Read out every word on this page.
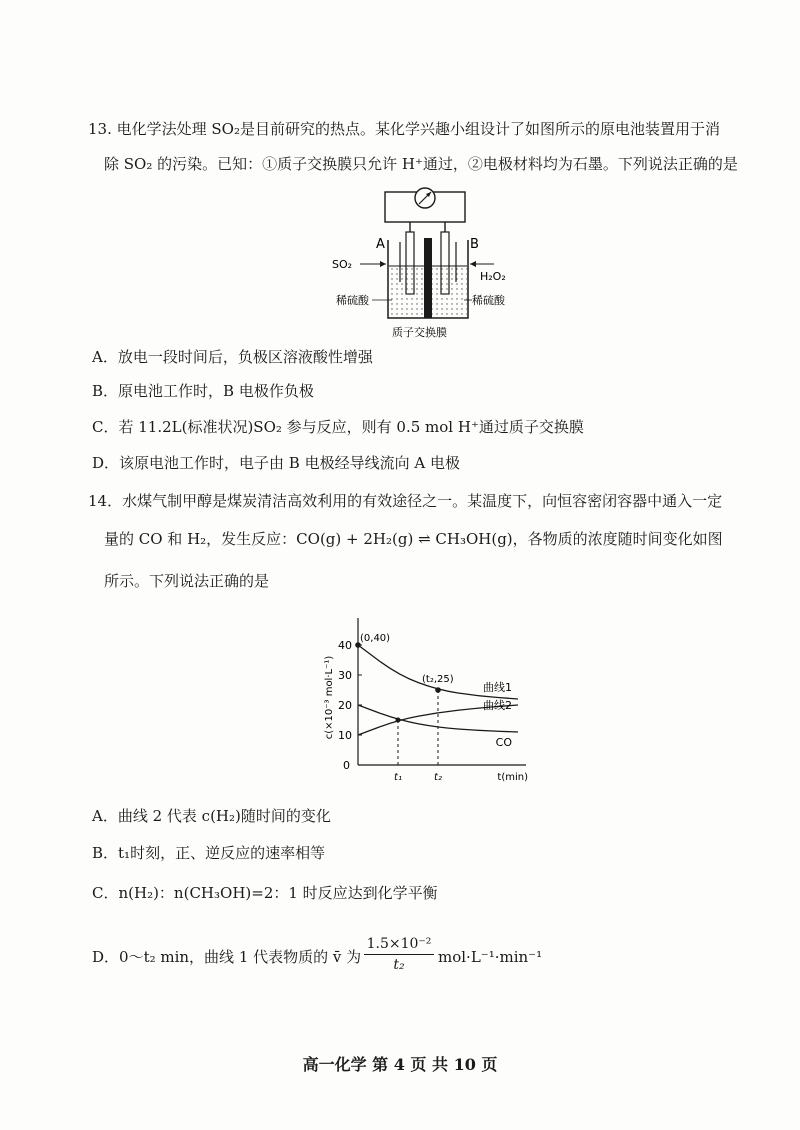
13. 电化学法处理 SO₂是目前研究的热点。某化学兴趣小组设计了如图所示的原电池装置用于消
除 SO₂ 的污染。已知：①质子交换膜只允许 H⁺通过，②电极材料均为石墨。下列说法正确的是
A	B
SO₂
H₂O₂
稀硫酸	稀硫酸
质子交换膜
A．放电一段时间后，负极区溶液酸性增强
B．原电池工作时，B 电极作负极
C．若 11.2L(标准状况)SO₂ 参与反应，则有 0.5 mol H⁺通过质子交换膜
D．该原电池工作时，电子由 B 电极经导线流向 A 电极
14．水煤气制甲醇是煤炭清洁高效利用的有效途径之一。某温度下，向恒容密闭容器中通入一定
量的 CO 和 H₂，发生反应：CO(g) + 2H₂(g) ⇌ CH₃OH(g)，各物质的浓度随时间变化如图
所示。下列说法正确的是
10
20
30
40
0
c(×10⁻³ mol·L⁻¹)
t(min)
t₁	t₂
(0,40)
(t₂,25)
曲线1
曲线2
CO
A．曲线 2 代表 c(H₂)随时间的变化
B．t₁时刻，正、逆反应的速率相等
C．n(H₂)：n(CH₃OH)=2：1 时反应达到化学平衡
D．0～t₂ min，曲线 1 代表物质的 v̄ 为 $\frac{\text{1.5×10⁻²}}{\text{t₂}} mol\cdot L^{-1}\cdot\min^{-1}$
高一化学 第 4 页 共 10 页
